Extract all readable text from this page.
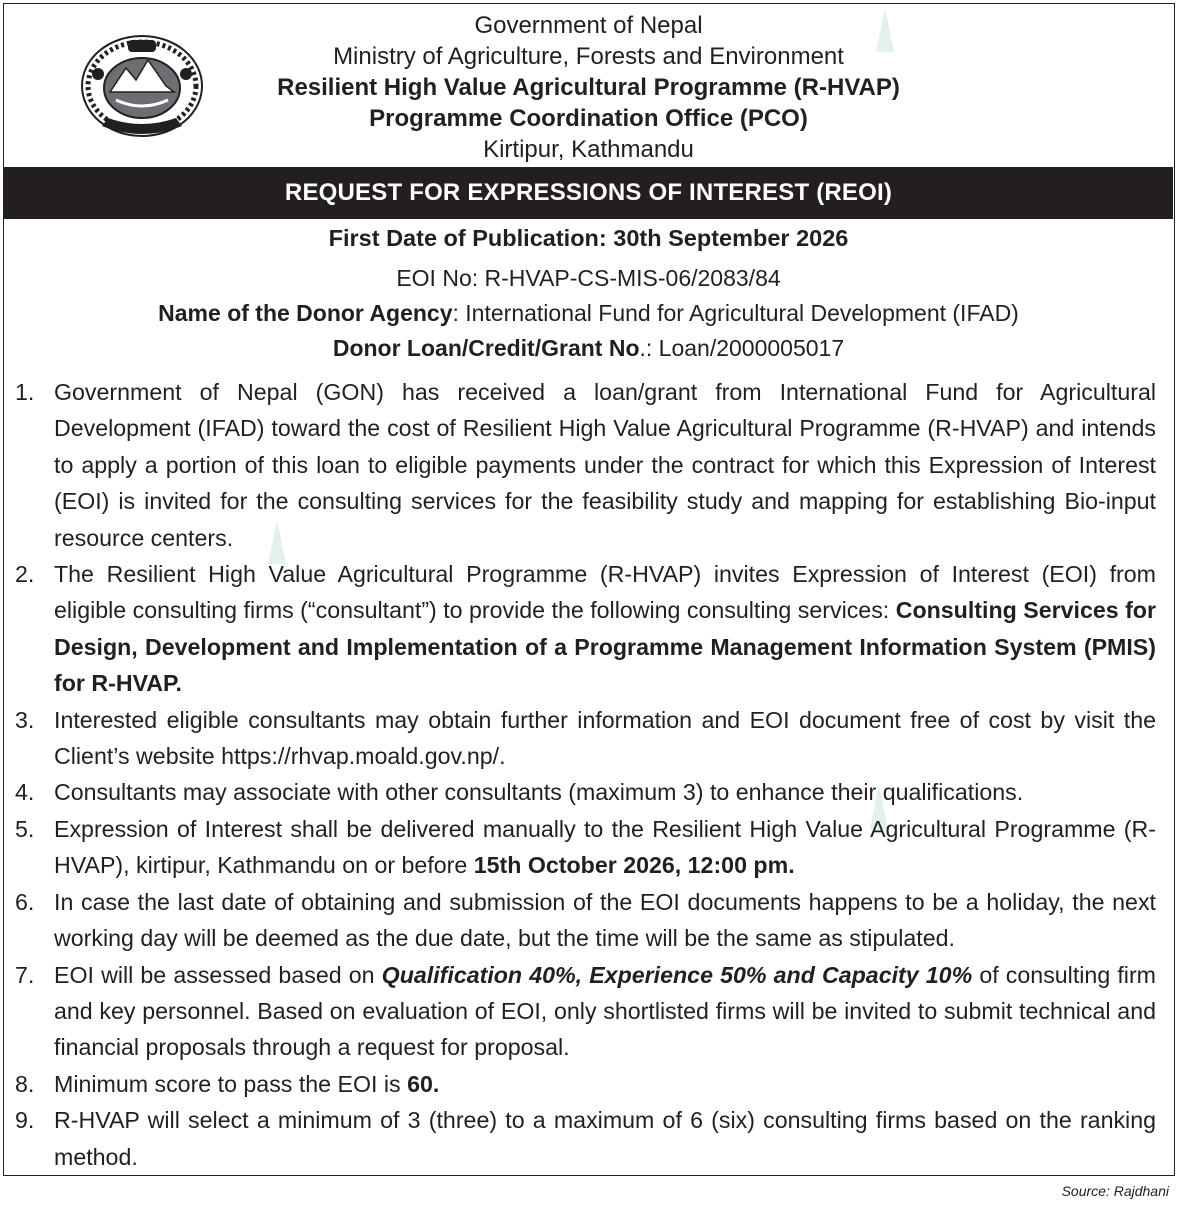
Government of Nepal
Ministry of Agriculture, Forests and Environment
Resilient High Value Agricultural Programme (R-HVAP)
Programme Coordination Office (PCO)
Kirtipur, Kathmandu
REQUEST FOR EXPRESSIONS OF INTEREST (REOI)
First Date of Publication: 30th September 2026
EOI No: R-HVAP-CS-MIS-06/2083/84
Name of the Donor Agency: International Fund for Agricultural Development (IFAD)
Donor Loan/Credit/Grant No.: Loan/2000005017
1. Government of Nepal (GON) has received a loan/grant from International Fund for Agricultural Development (IFAD) toward the cost of Resilient High Value Agricultural Programme (R-HVAP) and intends to apply a portion of this loan to eligible payments under the contract for which this Expression of Interest (EOI) is invited for the consulting services for the feasibility study and mapping for establishing Bio-input resource centers.
2. The Resilient High Value Agricultural Programme (R-HVAP) invites Expression of Interest (EOI) from eligible consulting firms (“consultant”) to provide the following consulting services: Consulting Services for Design, Development and Implementation of a Programme Management Information System (PMIS) for R-HVAP.
3. Interested eligible consultants may obtain further information and EOI document free of cost by visit the Client’s website https://rhvap.moald.gov.np/.
4. Consultants may associate with other consultants (maximum 3) to enhance their qualifications.
5. Expression of Interest shall be delivered manually to the Resilient High Value Agricultural Programme (R-HVAP), kirtipur, Kathmandu on or before 15th October 2026, 12:00 pm.
6. In case the last date of obtaining and submission of the EOI documents happens to be a holiday, the next working day will be deemed as the due date, but the time will be the same as stipulated.
7. EOI will be assessed based on Qualification 40%, Experience 50% and Capacity 10% of consulting firm and key personnel. Based on evaluation of EOI, only shortlisted firms will be invited to submit technical and financial proposals through a request for proposal.
8. Minimum score to pass the EOI is 60.
9. R-HVAP will select a minimum of 3 (three) to a maximum of 6 (six) consulting firms based on the ranking method.
Source: Rajdhani
